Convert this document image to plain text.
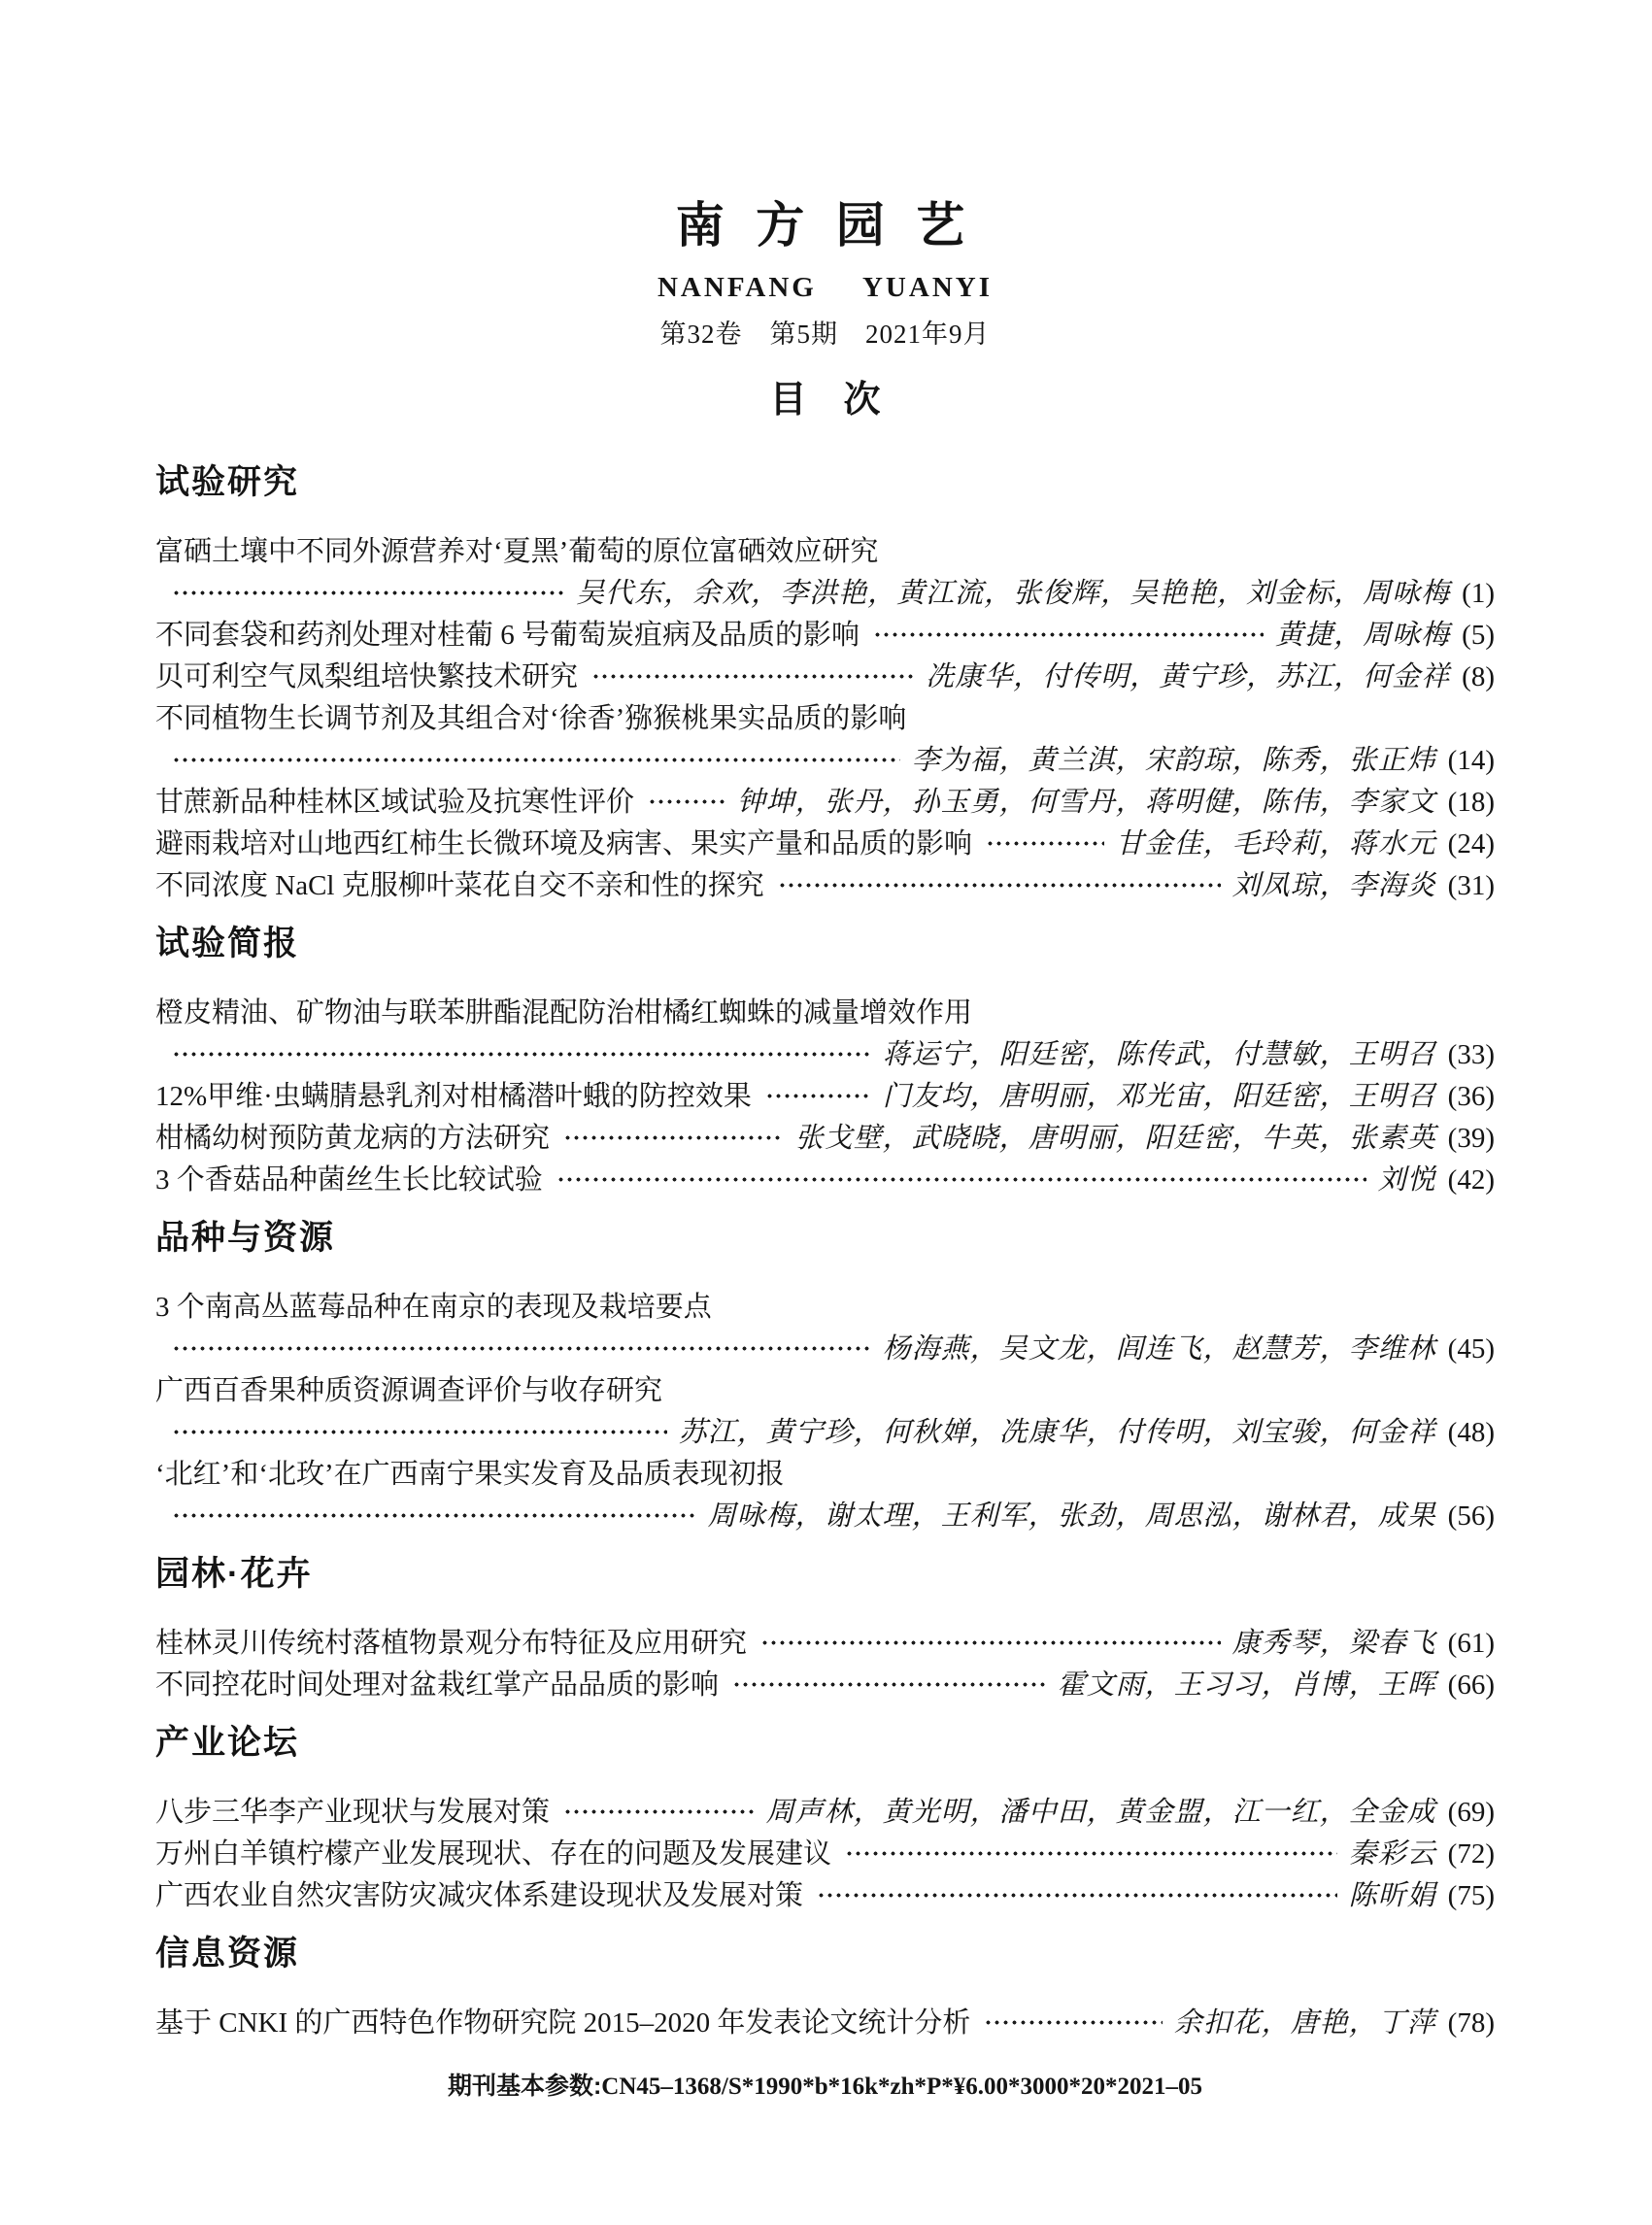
南 方 园 艺
NANFANG YUANYI
第32卷　第5期　2021年9月
目　次
试验研究
富硒土壤中不同外源营养对‘夏黑’葡萄的原位富硒效应研究
吴代东，余欢，李洪艳，黄江流，张俊辉，吴艳艳，刘金标，周咏梅 (1)
不同套袋和药剂处理对桂葡 6 号葡萄炭疽病及品质的影响	黄捷，周咏梅 (5)
贝可利空气凤梨组培快繁技术研究	冼康华，付传明，黄宁珍，苏江，何金祥 (8)
不同植物生长调节剂及其组合对‘徐香’猕猴桃果实品质的影响
李为福，黄兰淇，宋韵琼，陈秀，张正炜 (14)
甘蔗新品种桂林区域试验及抗寒性评价	钟坤，张丹，孙玉勇，何雪丹，蒋明健，陈伟，李家文 (18)
避雨栽培对山地西红柿生长微环境及病害、果实产量和品质的影响	甘金佳，毛玲莉，蒋水元 (24)
不同浓度 NaCl 克服柳叶菜花自交不亲和性的探究	刘凤琼，李海炎 (31)
试验简报
橙皮精油、矿物油与联苯肼酯混配防治柑橘红蜘蛛的减量增效作用
蒋运宁，阳廷密，陈传武，付慧敏，王明召 (33)
12%甲维·虫螨腈悬乳剂对柑橘潜叶蛾的防控效果	门友均，唐明丽，邓光宙，阳廷密，王明召 (36)
柑橘幼树预防黄龙病的方法研究	张戈壁，武晓晓，唐明丽，阳廷密，牛英，张素英 (39)
3 个香菇品种菌丝生长比较试验	刘悦 (42)
品种与资源
3 个南高丛蓝莓品种在南京的表现及栽培要点
杨海燕，吴文龙，闾连飞，赵慧芳，李维林 (45)
广西百香果种质资源调查评价与收存研究
苏江，黄宁珍，何秋婵，冼康华，付传明，刘宝骏，何金祥 (48)
‘北红’和‘北玫’在广西南宁果实发育及品质表现初报
周咏梅，谢太理，王利军，张劲，周思泓，谢林君，成果 (56)
园林·花卉
桂林灵川传统村落植物景观分布特征及应用研究	康秀琴，梁春飞 (61)
不同控花时间处理对盆栽红掌产品品质的影响	霍文雨，王习习，肖博，王晖 (66)
产业论坛
八步三华李产业现状与发展对策	周声林，黄光明，潘中田，黄金盟，江一红，全金成 (69)
万州白羊镇柠檬产业发展现状、存在的问题及发展建议	秦彩云 (72)
广西农业自然灾害防灾减灾体系建设现状及发展对策	陈昕娟 (75)
信息资源
基于 CNKI 的广西特色作物研究院 2015–2020 年发表论文统计分析	余扣花，唐艳，丁萍 (78)
期刊基本参数:CN45–1368/S*1990*b*16k*zh*P*¥6.00*3000*20*2021–05
